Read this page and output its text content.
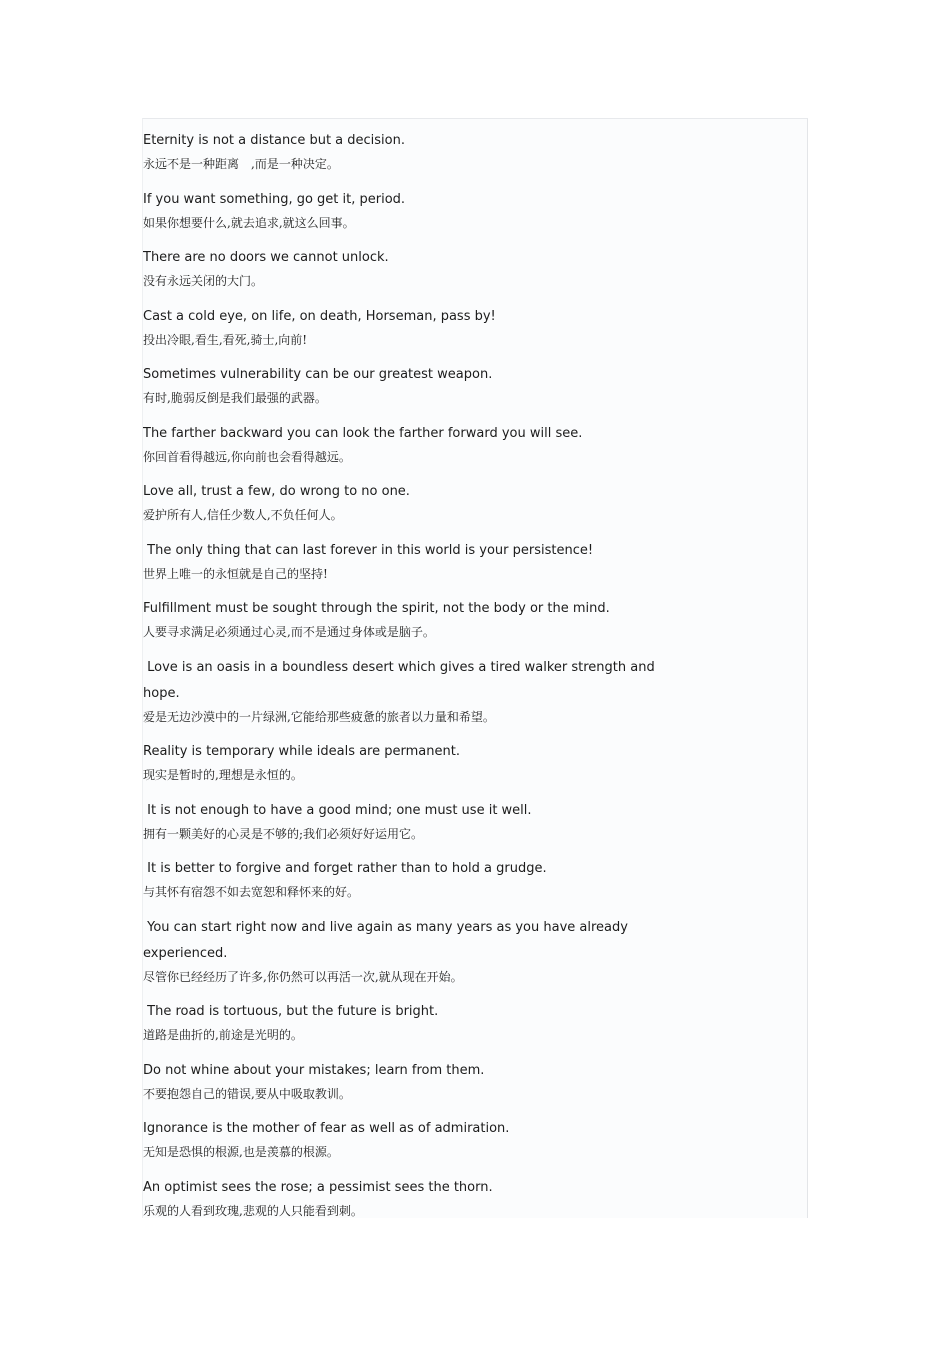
Eternity is not a distance but a decision.

永远不是一种距离　,而是一种决定。

If you want something, go get it, period.

如果你想要什么,就去追求,就这么回事。

There are no doors we cannot unlock.

没有永远关闭的大门。

Cast a cold eye, on life, on death, Horseman, pass by!

投出冷眼,看生,看死,骑士,向前!

Sometimes vulnerability can be our greatest weapon.

有时,脆弱反倒是我们最强的武器。

The farther backward you can look the farther forward you will see.

你回首看得越远,你向前也会看得越远。

Love all, trust a few, do wrong to no one.

爱护所有人,信任少数人,不负任何人。

The only thing that can last forever in this world is your persistence!

世界上唯一的永恒就是自己的坚持!

Fulfillment must be sought through the spirit, not the body or the mind.

人要寻求满足必须通过心灵,而不是通过身体或是脑子。

Love is an oasis in a boundless desert which gives a tired walker strength and hope.

爱是无边沙漠中的一片绿洲,它能给那些疲惫的旅者以力量和希望。

Reality is temporary while ideals are permanent.

现实是暂时的,理想是永恒的。

It is not enough to have a good mind; one must use it well.

拥有一颗美好的心灵是不够的;我们必须好好运用它。

It is better to forgive and forget rather than to hold a grudge.

与其怀有宿怨不如去宽恕和释怀来的好。

You can start right now and live again as many years as you have already experienced.

尽管你已经经历了许多,你仍然可以再活一次,就从现在开始。

The road is tortuous, but the future is bright.

道路是曲折的,前途是光明的。

Do not whine about your mistakes; learn from them.

不要抱怨自己的错误,要从中吸取教训。

Ignorance is the mother of fear as well as of admiration.

无知是恐惧的根源,也是羡慕的根源。

An optimist sees the rose; a pessimist sees the thorn.

乐观的人看到玫瑰,悲观的人只能看到刺。
